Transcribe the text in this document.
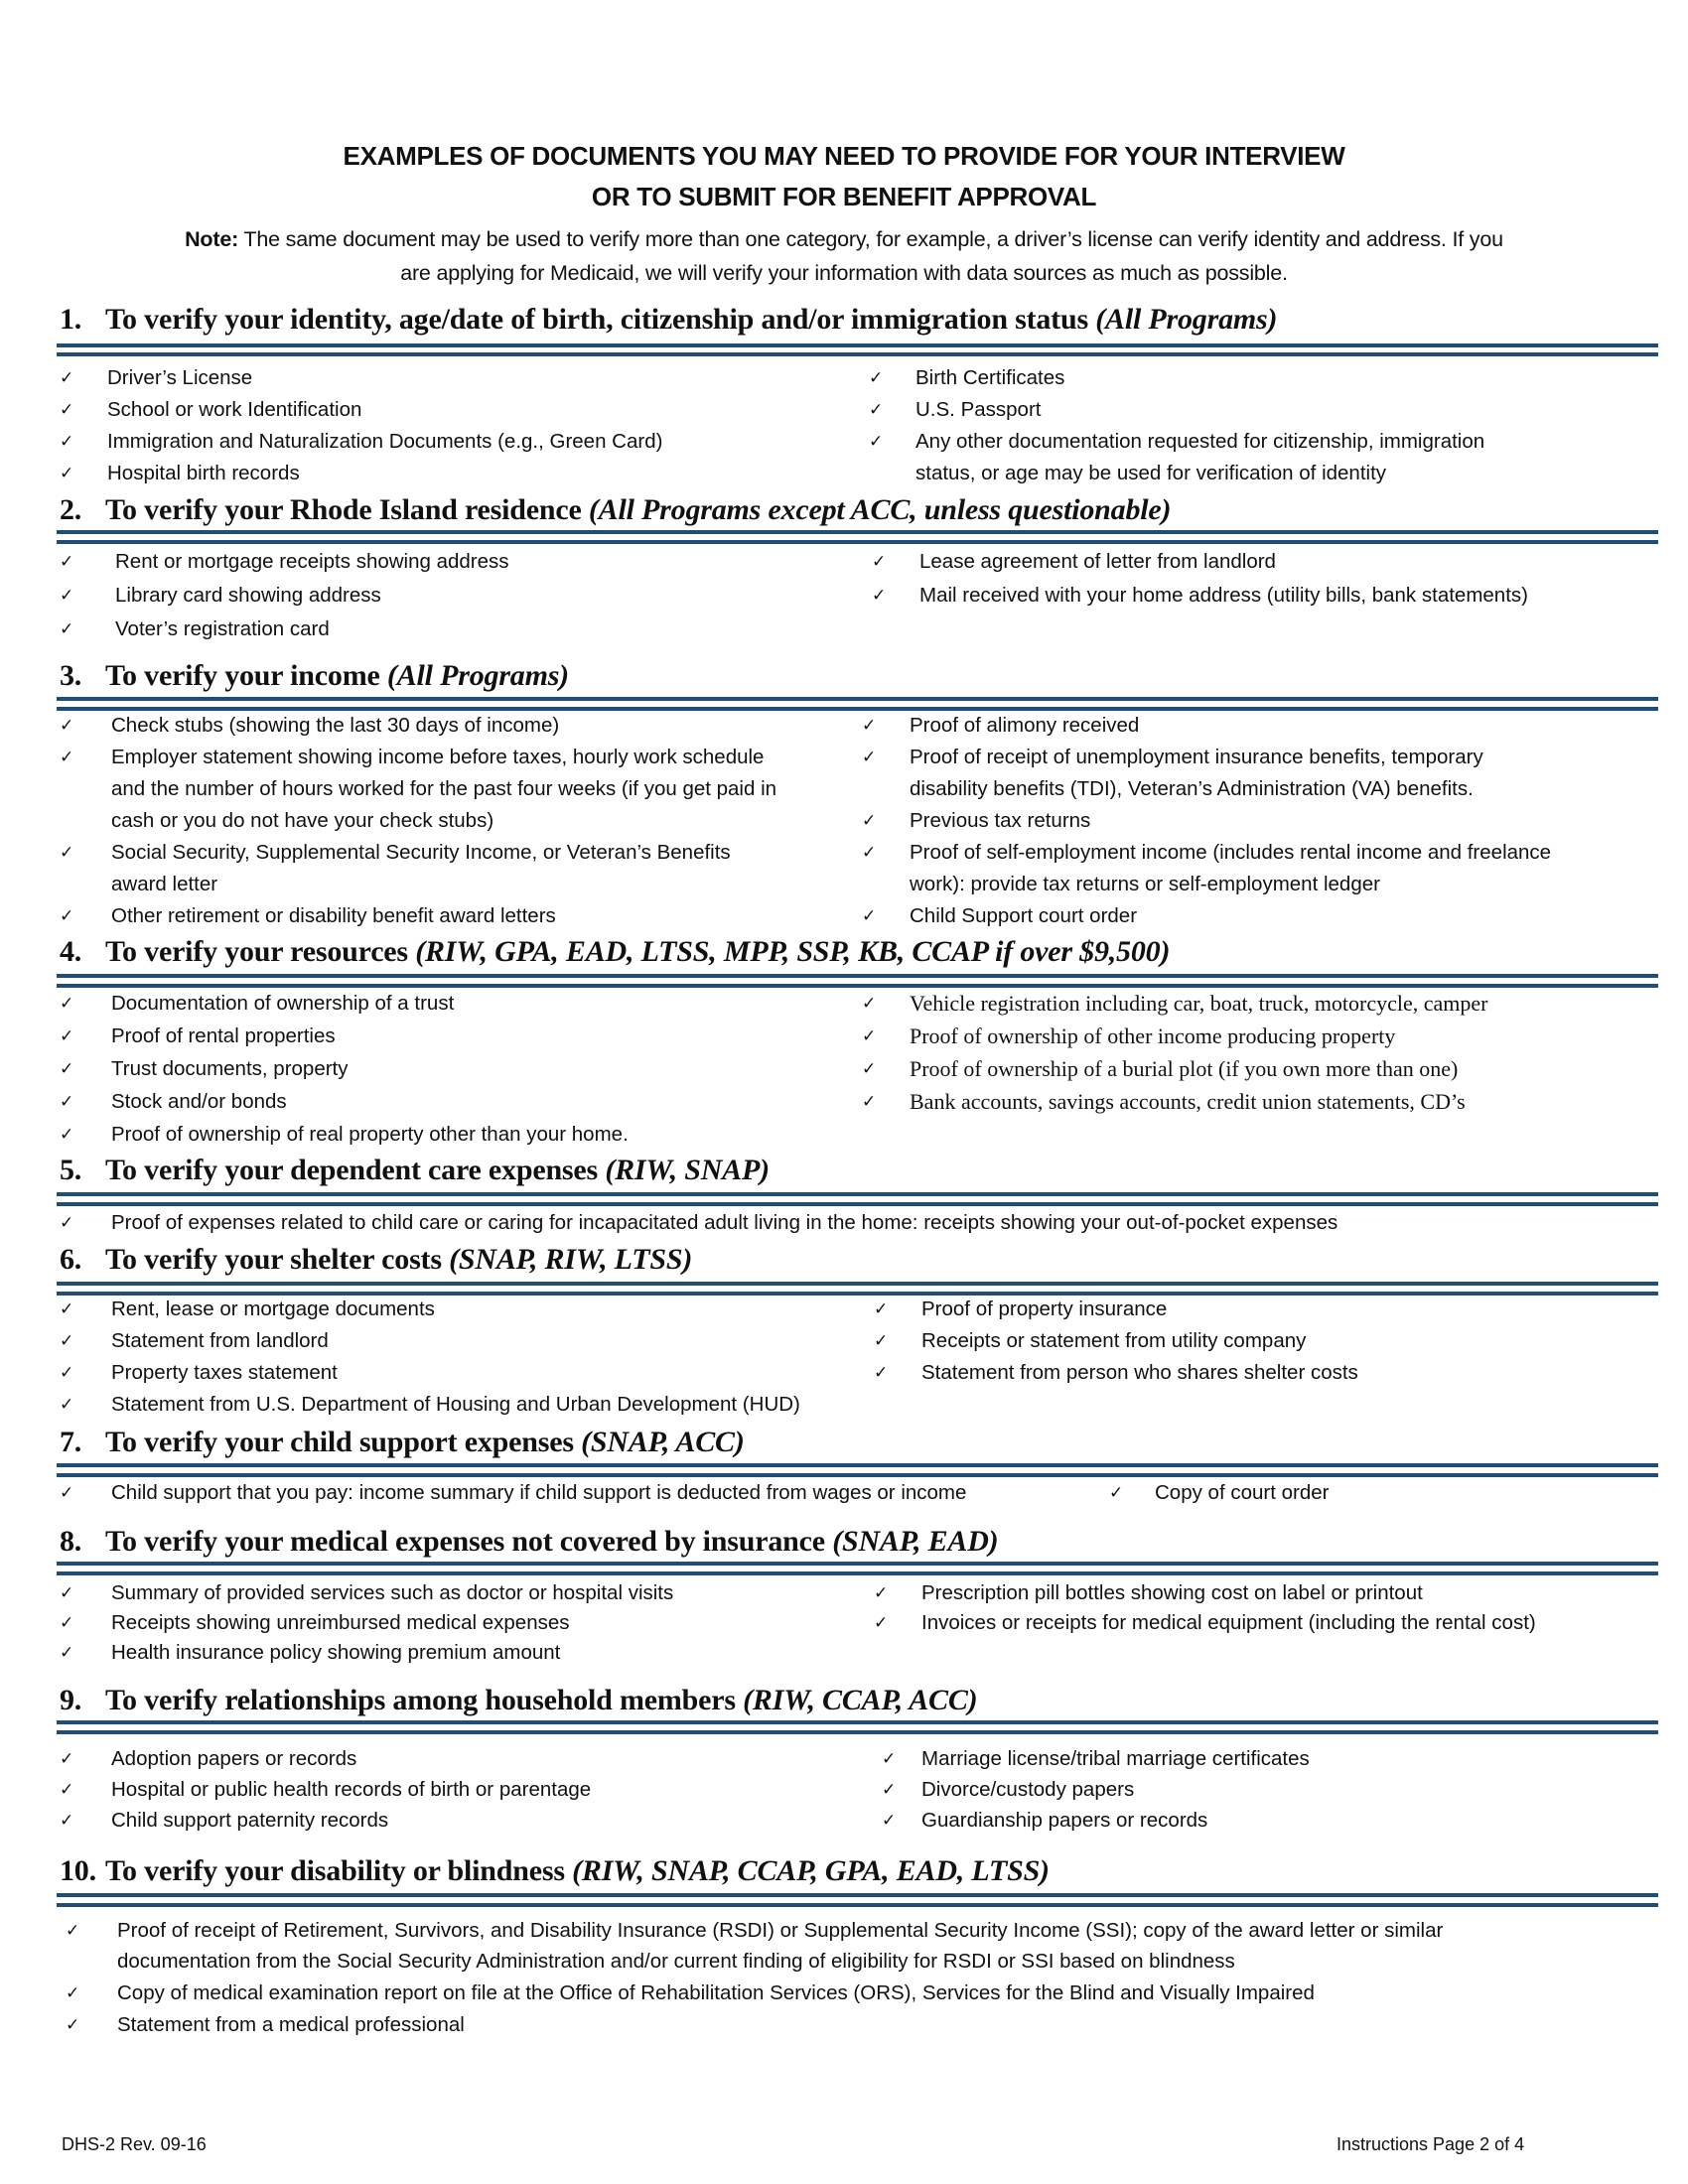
EXAMPLES OF DOCUMENTS YOU MAY NEED TO PROVIDE FOR YOUR INTERVIEW
OR TO SUBMIT FOR BENEFIT APPROVAL
Note: The same document may be used to verify more than one category, for example, a driver’s license can verify identity and address. If you
are applying for Medicaid, we will verify your information with data sources as much as possible.
1. To verify your identity, age/date of birth, citizenship and/or immigration status (All Programs)
✓ Driver’s License
✓ School or work Identification
✓ Immigration and Naturalization Documents (e.g., Green Card)
✓ Hospital birth records
✓ Birth Certificates
✓ U.S. Passport
✓ Any other documentation requested for citizenship, immigration
status, or age may be used for verification of identity
2. To verify your Rhode Island residence (All Programs except ACC, unless questionable)
✓ Rent or mortgage receipts showing address
✓ Library card showing address
✓ Voter’s registration card
✓ Lease agreement of letter from landlord
✓ Mail received with your home address (utility bills, bank statements)
3. To verify your income (All Programs)
✓ Check stubs (showing the last 30 days of income)
✓ Employer statement showing income before taxes, hourly work schedule
and the number of hours worked for the past four weeks (if you get paid in
cash or you do not have your check stubs)
✓ Social Security, Supplemental Security Income, or Veteran’s Benefits
award letter
✓ Other retirement or disability benefit award letters
✓ Proof of alimony received
✓ Proof of receipt of unemployment insurance benefits, temporary
disability benefits (TDI), Veteran’s Administration (VA) benefits.
✓ Previous tax returns
✓ Proof of self-employment income (includes rental income and freelance
work): provide tax returns or self-employment ledger
✓ Child Support court order
4. To verify your resources (RIW, GPA, EAD, LTSS, MPP, SSP, KB, CCAP if over $9,500)
✓ Documentation of ownership of a trust
✓ Proof of rental properties
✓ Trust documents, property
✓ Stock and/or bonds
✓ Proof of ownership of real property other than your home.
✓ Vehicle registration including car, boat, truck, motorcycle, camper
✓ Proof of ownership of other income producing property
✓ Proof of ownership of a burial plot (if you own more than one)
✓ Bank accounts, savings accounts, credit union statements, CD’s
5. To verify your dependent care expenses (RIW, SNAP)
✓ Proof of expenses related to child care or caring for incapacitated adult living in the home: receipts showing your out-of-pocket expenses
6. To verify your shelter costs (SNAP, RIW, LTSS)
✓ Rent, lease or mortgage documents
✓ Statement from landlord
✓ Property taxes statement
✓ Statement from U.S. Department of Housing and Urban Development (HUD)
✓ Proof of property insurance
✓ Receipts or statement from utility company
✓ Statement from person who shares shelter costs
7. To verify your child support expenses (SNAP, ACC)
✓ Child support that you pay: income summary if child support is deducted from wages or income	✓ Copy of court order
8. To verify your medical expenses not covered by insurance (SNAP, EAD)
✓ Summary of provided services such as doctor or hospital visits
✓ Receipts showing unreimbursed medical expenses
✓ Health insurance policy showing premium amount
✓ Prescription pill bottles showing cost on label or printout
✓ Invoices or receipts for medical equipment (including the rental cost)
9. To verify relationships among household members (RIW, CCAP, ACC)
✓ Adoption papers or records
✓ Hospital or public health records of birth or parentage
✓ Child support paternity records
✓ Marriage license/tribal marriage certificates
✓ Divorce/custody papers
✓ Guardianship papers or records
10. To verify your disability or blindness (RIW, SNAP, CCAP, GPA, EAD, LTSS)
✓ Proof of receipt of Retirement, Survivors, and Disability Insurance (RSDI) or Supplemental Security Income (SSI); copy of the award letter or similar
documentation from the Social Security Administration and/or current finding of eligibility for RSDI or SSI based on blindness
✓ Copy of medical examination report on file at the Office of Rehabilitation Services (ORS), Services for the Blind and Visually Impaired
✓ Statement from a medical professional
DHS-2 Rev. 09-16	Instructions Page 2 of 4
